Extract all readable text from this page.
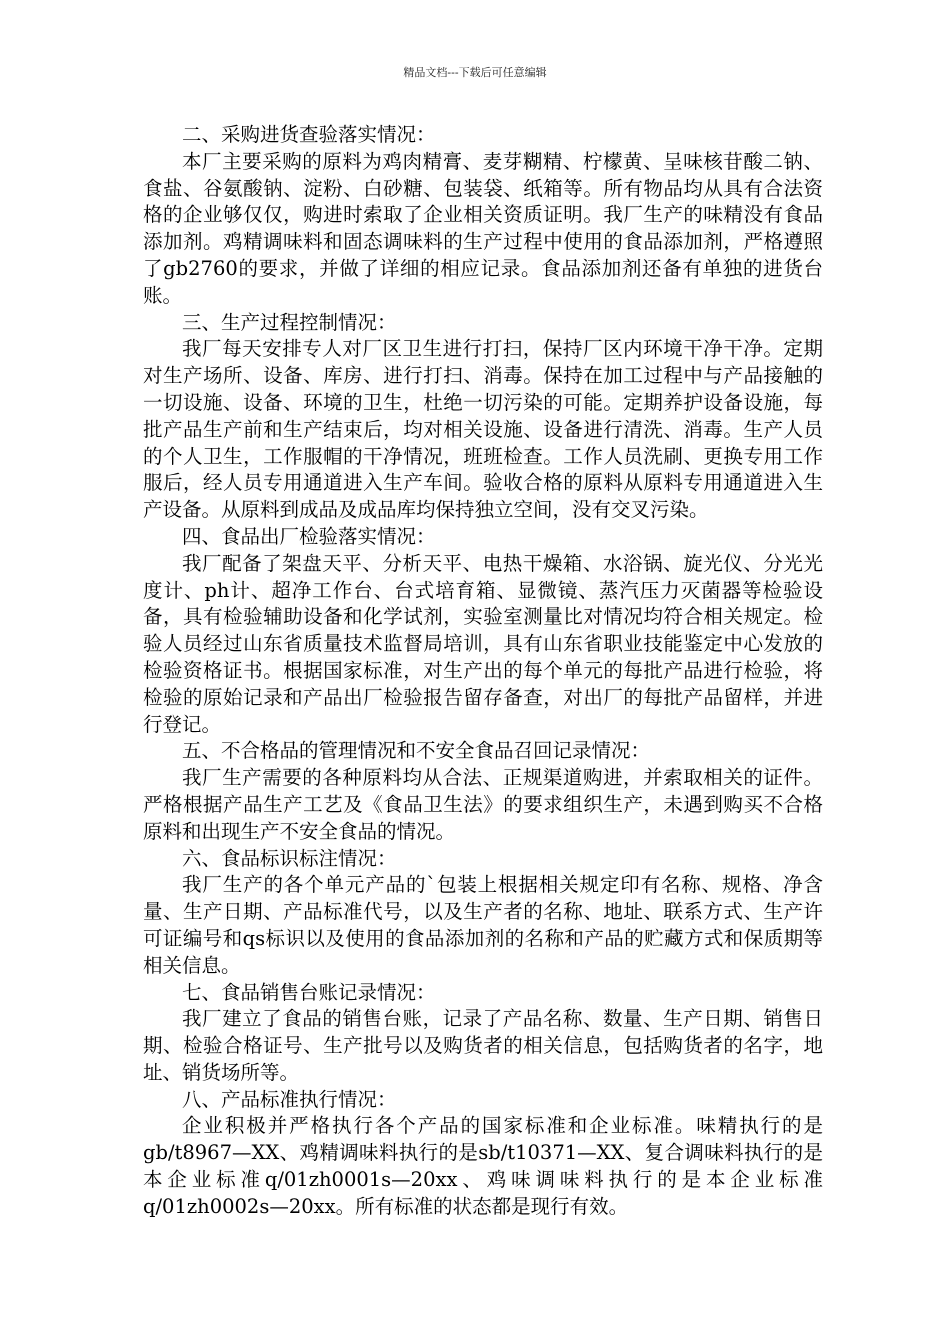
精品文档---下载后可任意编辑

二、采购进货查验落实情况：

本厂主要采购的原料为鸡肉精膏、麦芽糊精、柠檬黄、呈味核苷酸二钠、食盐、谷氨酸钠、淀粉、白砂糖、包装袋、纸箱等。所有物品均从具有合法资格的企业够仅仅，购进时索取了企业相关资质证明。我厂生产的味精没有食品添加剂。鸡精调味料和固态调味料的生产过程中使用的食品添加剂，严格遵照了gb2760的要求，并做了详细的相应记录。食品添加剂还备有单独的进货台账。

三、生产过程控制情况：

我厂每天安排专人对厂区卫生进行打扫，保持厂区内环境干净干净。定期对生产场所、设备、库房、进行打扫、消毒。保持在加工过程中与产品接触的一切设施、设备、环境的卫生，杜绝一切污染的可能。定期养护设备设施，每批产品生产前和生产结束后，均对相关设施、设备进行清洗、消毒。生产人员的个人卫生，工作服帽的干净情况，班班检查。工作人员洗刷、更换专用工作服后，经人员专用通道进入生产车间。验收合格的原料从原料专用通道进入生产设备。从原料到成品及成品库均保持独立空间，没有交叉污染。

四、食品出厂检验落实情况：

我厂配备了架盘天平、分析天平、电热干燥箱、水浴锅、旋光仪、分光光度计、ph计、超净工作台、台式培育箱、显微镜、蒸汽压力灭菌器等检验设备，具有检验辅助设备和化学试剂，实验室测量比对情况均符合相关规定。检验人员经过山东省质量技术监督局培训，具有山东省职业技能鉴定中心发放的检验资格证书。根据国家标准，对生产出的每个单元的每批产品进行检验，将检验的原始记录和产品出厂检验报告留存备查，对出厂的每批产品留样，并进行登记。

五、不合格品的管理情况和不安全食品召回记录情况：

我厂生产需要的各种原料均从合法、正规渠道购进，并索取相关的证件。严格根据产品生产工艺及《食品卫生法》的要求组织生产，未遇到购买不合格原料和出现生产不安全食品的情况。

六、食品标识标注情况：

我厂生产的各个单元产品的`包装上根据相关规定印有名称、规格、净含量、生产日期、产品标准代号，以及生产者的名称、地址、联系方式、生产许可证编号和qs标识以及使用的食品添加剂的名称和产品的贮藏方式和保质期等相关信息。

七、食品销售台账记录情况：

我厂建立了食品的销售台账，记录了产品名称、数量、生产日期、销售日期、检验合格证号、生产批号以及购货者的相关信息，包括购货者的名字，地址、销货场所等。

八、产品标准执行情况：

企业积极并严格执行各个产品的国家标准和企业标准。味精执行的是gb/t8967—XX、鸡精调味料执行的是sb/t10371—XX、复合调味料执行的是本企业标准q/01zh0001s—20xx、鸡味调味料执行的是本企业标准q/01zh0002s—20xx。所有标准的状态都是现行有效。
